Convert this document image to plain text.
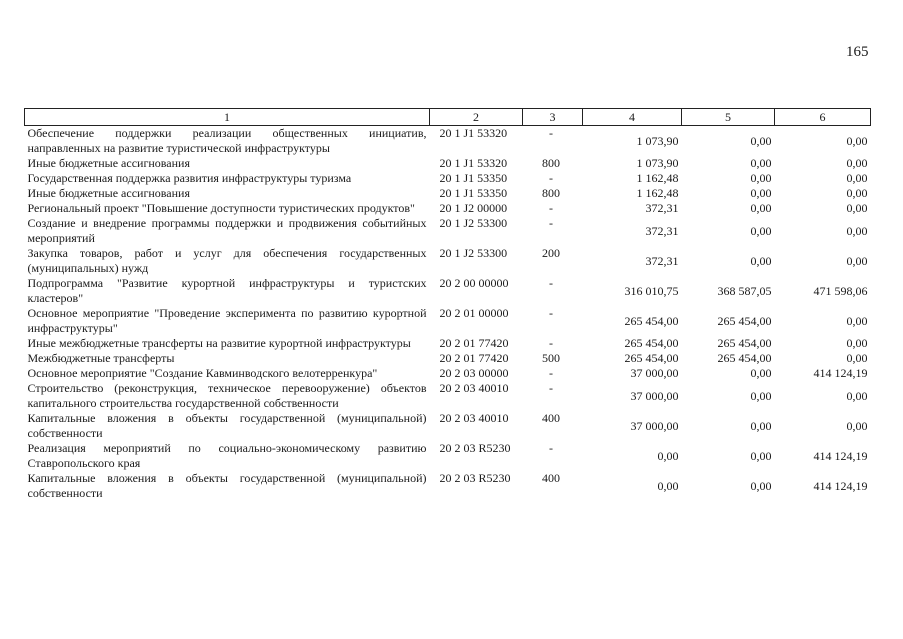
165
1	2	3	4	5	6
Обеспечение поддержки реализации общественных инициатив, направленных на развитие туристической инфраструктуры	20 1 J1 53320	-	1 073,90	0,00	0,00
Иные бюджетные ассигнования	20 1 J1 53320	800	1 073,90	0,00	0,00
Государственная поддержка развития инфраструктуры туризма	20 1 J1 53350	-	1 162,48	0,00	0,00
Иные бюджетные ассигнования	20 1 J1 53350	800	1 162,48	0,00	0,00
Региональный проект "Повышение доступности туристических продуктов"	20 1 J2 00000	-	372,31	0,00	0,00
Создание и внедрение программы поддержки и продвижения событийных мероприятий	20 1 J2 53300	-	372,31	0,00	0,00
Закупка товаров, работ и услуг для обеспечения государственных (муниципальных) нужд	20 1 J2 53300	200	372,31	0,00	0,00
Подпрограмма "Развитие курортной инфраструктуры и туристских кластеров"	20 2 00 00000	-	316 010,75	368 587,05	471 598,06
Основное мероприятие "Проведение эксперимента по развитию курортной инфраструктуры"	20 2 01 00000	-	265 454,00	265 454,00	0,00
Иные межбюджетные трансферты на развитие курортной инфраструктуры	20 2 01 77420	-	265 454,00	265 454,00	0,00
Межбюджетные трансферты	20 2 01 77420	500	265 454,00	265 454,00	0,00
Основное мероприятие "Создание Кавминводского велотерренкура"	20 2 03 00000	-	37 000,00	0,00	414 124,19
Строительство (реконструкция, техническое перевооружение) объектов капитального строительства государственной собственности	20 2 03 40010	-	37 000,00	0,00	0,00
Капитальные вложения в объекты государственной (муниципальной) собственности	20 2 03 40010	400	37 000,00	0,00	0,00
Реализация мероприятий по социально-экономическому развитию Ставропольского края	20 2 03 R5230	-	0,00	0,00	414 124,19
Капитальные вложения в объекты государственной (муниципальной) собственности	20 2 03 R5230	400	0,00	0,00	414 124,19
